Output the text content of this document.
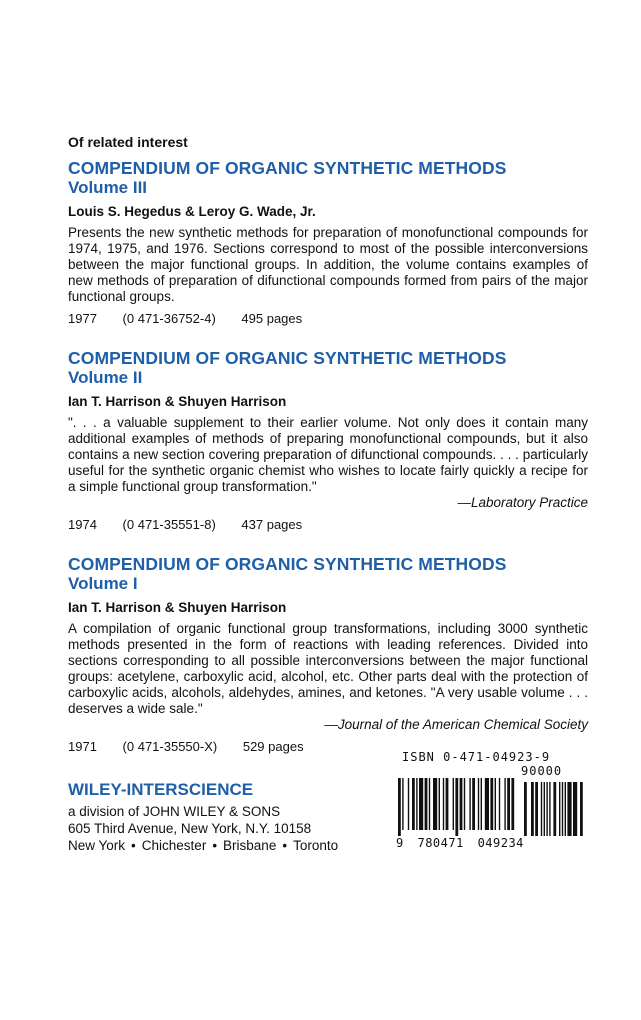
Of related interest
COMPENDIUM OF ORGANIC SYNTHETIC METHODS
Volume III
Louis S. Hegedus & Leroy G. Wade, Jr.
Presents the new synthetic methods for preparation of monofunctional compounds for 1974, 1975, and 1976. Sections correspond to most of the possible interconversions between the major functional groups. In addition, the volume contains examples of new methods of preparation of difunctional compounds formed from pairs of the major functional groups.
1977 (0 471-36752-4) 495 pages
COMPENDIUM OF ORGANIC SYNTHETIC METHODS
Volume II
Ian T. Harrison & Shuyen Harrison
". . . a valuable supplement to their earlier volume. Not only does it contain many additional examples of methods of preparing monofunctional compounds, but it also contains a new section covering preparation of difunctional compounds. . . . particularly useful for the synthetic organic chemist who wishes to locate fairly quickly a recipe for a simple functional group transformation."
—Laboratory Practice
1974 (0 471-35551-8) 437 pages
COMPENDIUM OF ORGANIC SYNTHETIC METHODS
Volume I
Ian T. Harrison & Shuyen Harrison
A compilation of organic functional group transformations, including 3000 synthetic methods presented in the form of reactions with leading references. Divided into sections corresponding to all possible interconversions between the major functional groups: acetylene, carboxylic acid, alcohol, etc. Other parts deal with the protection of carboxylic acids, alcohols, aldehydes, amines, and ketones. "A very usable volume . . . deserves a wide sale."
—Journal of the American Chemical Society
1971 (0 471-35550-X) 529 pages
WILEY-INTERSCIENCE
a division of JOHN WILEY & SONS
605 Third Avenue, New York, N.Y. 10158
New York • Chichester • Brisbane • Toronto
ISBN 0-471-04923-9
90000
9 780471 049234
